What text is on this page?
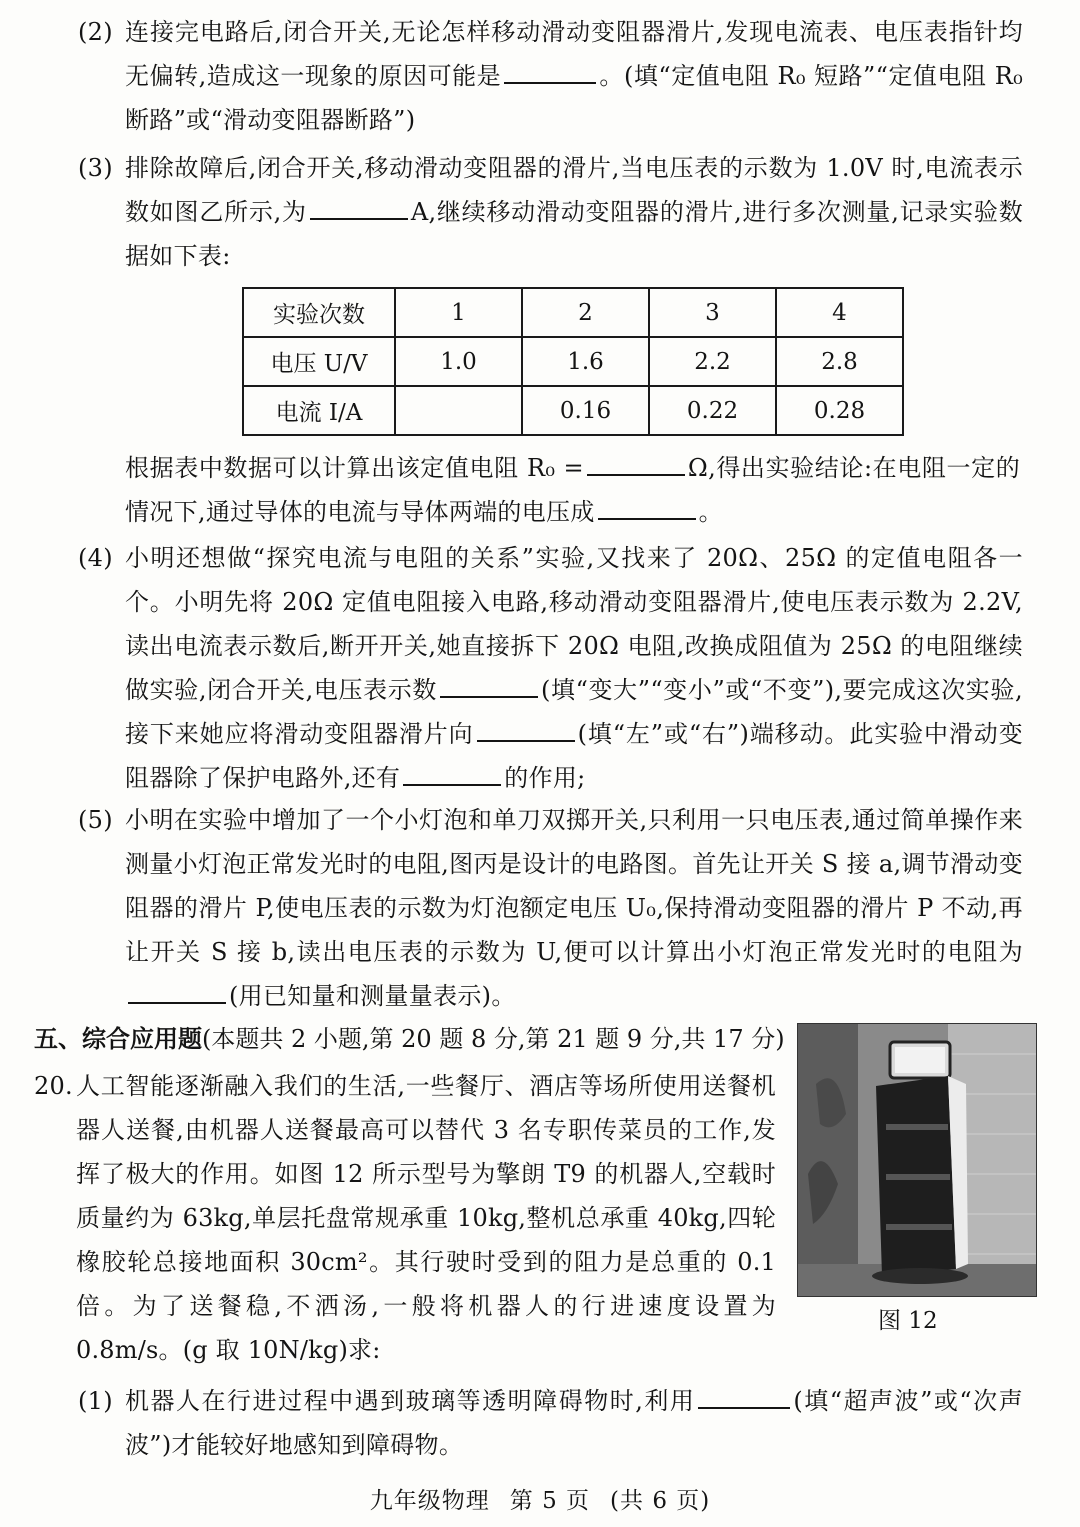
(2) 连接完电路后,闭合开关,无论怎样移动滑动变阻器滑片,发现电流表、电压表指针均无偏转,造成这一现象的原因可能是	。(填“定值电阻 R₀ 短路”“定值电阻 R₀ 断路”或“滑动变阻器断路”)
(3) 排除故障后,闭合开关,移动滑动变阻器的滑片,当电压表的示数为 1.0V 时,电流表示数如图乙所示,为	A,继续移动滑动变阻器的滑片,进行多次测量,记录实验数据如下表:
实验次数	1	2	3	4
电压 U/V	1.0	1.6	2.2	2.8
电流 I/A		0.16	0.22	0.28
根据表中数据可以计算出该定值电阻 R₀ =	Ω,得出实验结论:在电阻一定的情况下,通过导体的电流与导体两端的电压成	。
(4) 小明还想做“探究电流与电阻的关系”实验,又找来了 20Ω、25Ω 的定值电阻各一个。小明先将 20Ω 定值电阻接入电路,移动滑动变阻器滑片,使电压表示数为 2.2V,读出电流表示数后,断开开关,她直接拆下 20Ω 电阻,改换成阻值为 25Ω 的电阻继续做实验,闭合开关,电压表示数	(填“变大”“变小”或“不变”),要完成这次实验,接下来她应将滑动变阻器滑片向	(填“左”或“右”)端移动。此实验中滑动变阻器除了保护电路外,还有	的作用;
(5) 小明在实验中增加了一个小灯泡和单刀双掷开关,只利用一只电压表,通过简单操作来测量小灯泡正常发光时的电阻,图丙是设计的电路图。首先让开关 S 接 a,调节滑动变阻器的滑片 P,使电压表的示数为灯泡额定电压 U₀,保持滑动变阻器的滑片 P 不动,再让开关 S 接 b,读出电压表的示数为 U,便可以计算出小灯泡正常发光时的电阻为(用已知量和测量量表示)。
五、综合应用题(本题共 2 小题,第 20 题 8 分,第 21 题 9 分,共 17 分)
20. 人工智能逐渐融入我们的生活,一些餐厅、酒店等场所使用送餐机器人送餐,由机器人送餐最高可以替代 3 名专职传菜员的工作,发挥了极大的作用。如图 12 所示型号为擎朗 T9 的机器人,空载时质量约为 63kg,单层托盘常规承重 10kg,整机总承重 40kg,四轮橡胶轮总接地面积 30cm²。其行驶时受到的阻力是总重的 0.1 倍。为了送餐稳,不洒汤,一般将机器人的行进速度设置为 0.8m/s。(g 取 10N/kg)求:
图 12
(1) 机器人在行进过程中遇到玻璃等透明障碍物时,利用	(填“超声波”或“次声波”)才能较好地感知到障碍物。
九年级物理 第 5 页 (共 6 页)
